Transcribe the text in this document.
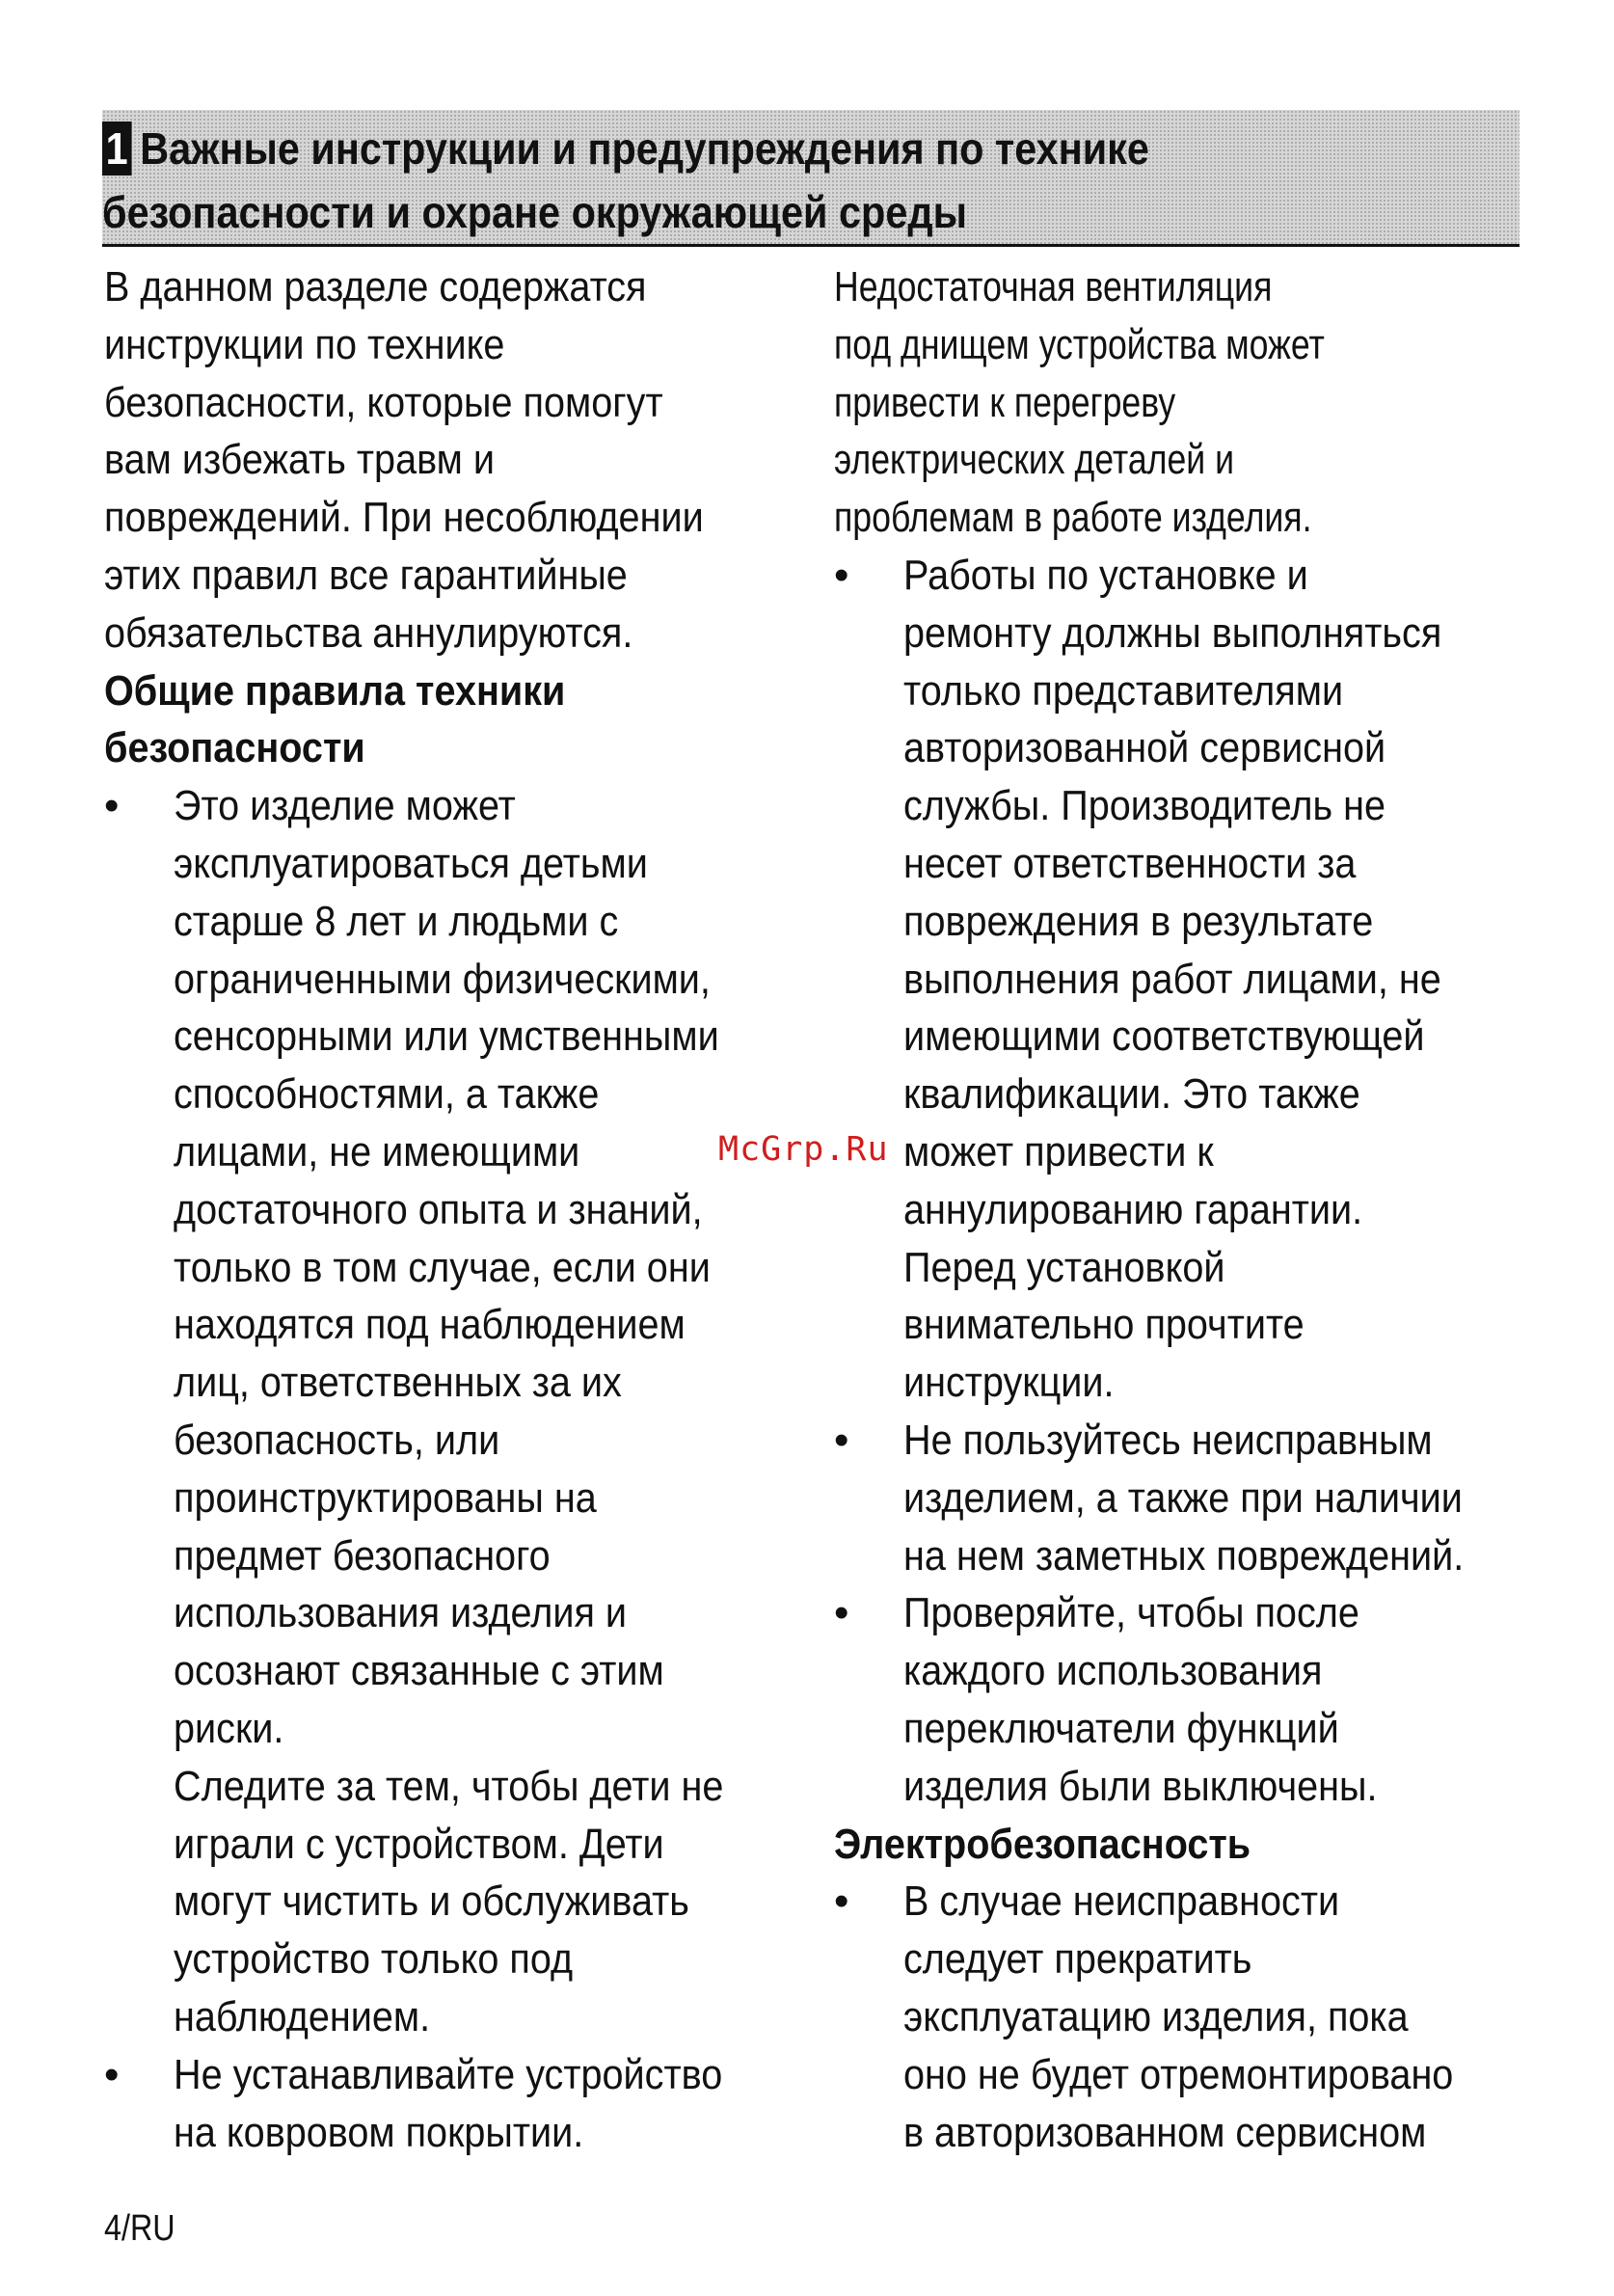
1 Важные инструкции и предупреждения по технике
безопасности и охране окружающей среды

В данном разделе содержатся
инструкции по технике
безопасности, которые помогут
вам избежать травм и
повреждений. При несоблюдении
этих правил все гарантийные
обязательства аннулируются.

Общие правила техники
безопасности
• Это изделие может
эксплуатироваться детьми
старше 8 лет и людьми с
ограниченными физическими,
сенсорными или умственными
способностями, а также
лицами, не имеющими
достаточного опыта и знаний,
только в том случае, если они
находятся под наблюдением
лиц, ответственных за их
безопасность, или
проинструктированы на
предмет безопасного
использования изделия и
осознают связанные с этим
риски.
Следите за тем, чтобы дети не
играли с устройством. Дети
могут чистить и обслуживать
устройство только под
наблюдением.
• Не устанавливайте устройство
на ковровом покрытии.

Недостаточная вентиляция
под днищем устройства может
привести к перегреву
электрических деталей и
проблемам в работе изделия.

• Работы по установке и
ремонту должны выполняться
только представителями
авторизованной сервисной
службы. Производитель не
несет ответственности за
повреждения в результате
выполнения работ лицами, не
имеющими соответствующей
квалификации. Это также
может привести к
аннулированию гарантии.
Перед установкой
внимательно прочтите
инструкции.
• Не пользуйтесь неисправным
изделием, а также при наличии
на нем заметных повреждений.
• Проверяйте, чтобы после
каждого использования
переключатели функций
изделия были выключены.
Электробезопасность
• В случае неисправности
следует прекратить
эксплуатацию изделия, пока
оно не будет отремонтировано
в авторизованном сервисном
McGrp.Ru
4/RU
